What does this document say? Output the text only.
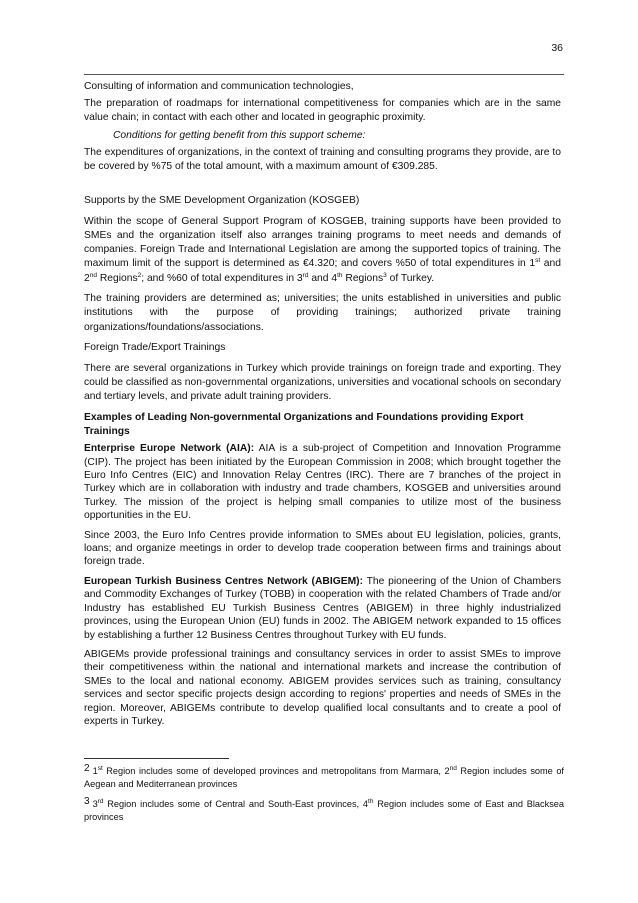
36

Consulting of information and communication technologies,

The preparation of roadmaps for international competitiveness for companies which are in the same value chain; in contact with each other and located in geographic proximity.

Conditions for getting benefit from this support scheme:

The expenditures of organizations, in the context of training and consulting programs they provide, are to be covered by %75 of the total amount, with a maximum amount of €309.285.

Supports by the SME Development Organization (KOSGEB)

Within the scope of General Support Program of KOSGEB, training supports have been provided to SMEs and the organization itself also arranges training programs to meet needs and demands of companies. Foreign Trade and International Legislation are among the supported topics of training. The maximum limit of the support is determined as €4.320; and covers %50 of total expenditures in 1st and 2nd Regions$^2$; and %60 of total expenditures in 3rd and 4th Regions$^3$ of Turkey.

The training providers are determined as; universities; the units established in universities and public institutions with the purpose of providing trainings; authorized private training

organizations/foundations/associations.

Foreign Trade/Export Trainings

There are several organizations in Turkey which provide trainings on foreign trade and exporting. They could be classified as non-governmental organizations, universities and vocational schools on secondary and tertiary levels, and private adult training providers.

Examples of Leading Non-governmental Organizations and Foundations providing Export Trainings

Enterprise Europe Network (AIA): AIA is a sub-project of Competition and Innovation Programme (CIP). The project has been initiated by the European Commission in 2008; which brought together the Euro Info Centres (EIC) and Innovation Relay Centres (IRC). There are 7 branches of the project in Turkey which are in collaboration with industry and trade chambers, KOSGEB and universities around Turkey. The mission of the project is helping small companies to utilize most of the business opportunities in the EU.

Since 2003, the Euro Info Centres provide information to SMEs about EU legislation, policies, grants, loans; and organize meetings in order to develop trade cooperation between firms and trainings about foreign trade.

European Turkish Business Centres Network (ABIGEM): The pioneering of the Union of Chambers and Commodity Exchanges of Turkey (TOBB) in cooperation with the related Chambers of Trade and/or Industry has established EU Turkish Business Centres (ABIGEM) in three highly industrialized provinces, using the European Union (EU) funds in 2002. The ABIGEM network expanded to 15 offices by establishing a further 12 Business Centres throughout Turkey with EU funds.

ABIGEMs provide professional trainings and consultancy services in order to assist SMEs to improve their competitiveness within the national and international markets and increase the contribution of SMEs to the local and national economy. ABIGEM provides services such as training, consultancy services and sector specific projects design according to regions' properties and needs of SMEs in the region. Moreover, ABIGEMs contribute to develop qualified local consultants and to create a pool of experts in Turkey.

2 1st Region includes some of developed provinces and metropolitans from Marmara, 2nd Region includes some of Aegean and Mediterranean provinces

3 3rd Region includes some of Central and South-East provinces, 4th Region includes some of East and Blacksea provinces
